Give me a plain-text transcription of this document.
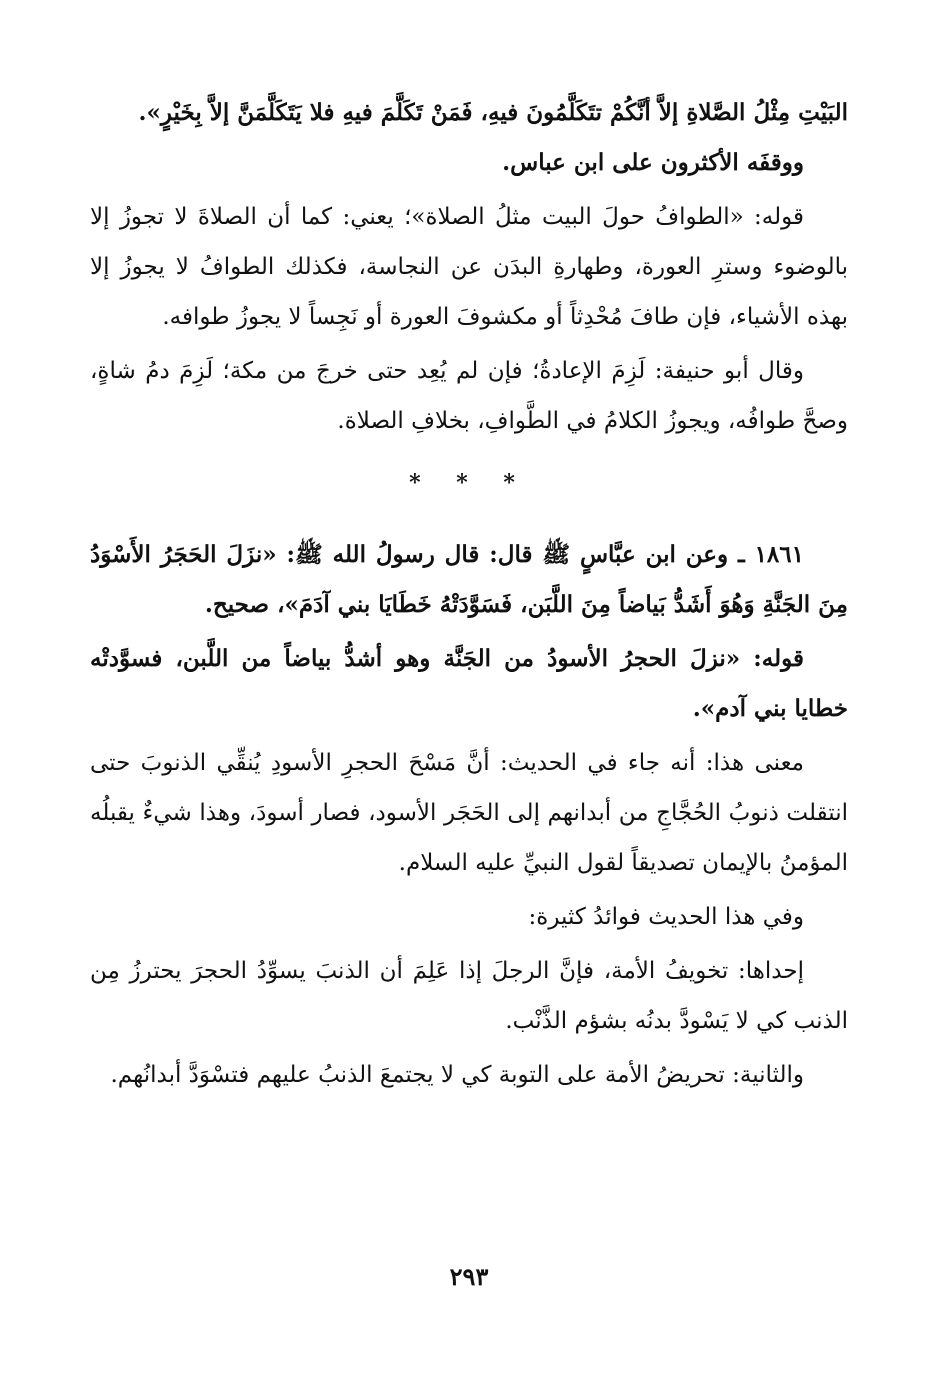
البَيْتِ مِثْلُ الصَّلاةِ إلاَّ أنَّكُمْ تتَكَلَّمُونَ فيهِ، فَمَنْ تَكَلَّمَ فيهِ فلا يَتَكَلَّمَنَّ إلاَّ بِخَيْرٍ».

ووقفَه الأكثرون على ابن عباس.

قوله: «الطوافُ حولَ البيت مثلُ الصلاة»؛ يعني: كما أن الصلاةَ لا تجوزُ إلا بالوضوء وسترِ العورة، وطهارةِ البدَن عن النجاسة، فكذلك الطوافُ لا يجوزُ إلا بهذه الأشياء، فإن طافَ مُحْدِثاً أو مكشوفَ العورة أو نَجِساً لا يجوزُ طوافه.

وقال أبو حنيفة: لَزِمَ الإعادةُ؛ فإن لم يُعِد حتى خرجَ من مكة؛ لَزِمَ دمُ شاةٍ، وصحَّ طوافُه، ويجوزُ الكلامُ في الطَّوافِ، بخلافِ الصلاة.

* * *

١٨٦١ ـ وعن ابن عبَّاسٍ ﷺ قال: قال رسولُ الله ﷺ: «نزَلَ الحَجَرُ الأَسْوَدُ مِنَ الجَنَّةِ وَهُوَ أَشَدُّ بَياضاً مِنَ اللَّبَن، فَسَوَّدَتْهُ خَطَايَا بني آدَمَ»، صحيح.

قوله: «نزلَ الحجرُ الأسودُ من الجَنَّة وهو أشدُّ بياضاً من اللَّبن، فسوَّدتْه خطايا بني آدم».

معنى هذا: أنه جاء في الحديث: أنَّ مَسْحَ الحجرِ الأسودِ يُنقِّي الذنوبَ حتى انتقلت ذنوبُ الحُجَّاجِ من أبدانهم إلى الحَجَر الأسود، فصار أسودَ، وهذا شيءٌ يقبلُه المؤمنُ بالإيمان تصديقاً لقول النبيِّ عليه السلام.

وفي هذا الحديث فوائدُ كثيرة:

إحداها: تخويفُ الأمة، فإنَّ الرجلَ إذا عَلِمَ أن الذنبَ يسوِّدُ الحجرَ يحترزُ مِن الذنب كي لا يَسْودَّ بدنُه بشؤم الذَّنْب.

والثانية: تحريضُ الأمة على التوبة كي لا يجتمعَ الذنبُ عليهم فتسْوَدَّ أبدانُهم.

٢٩٣
